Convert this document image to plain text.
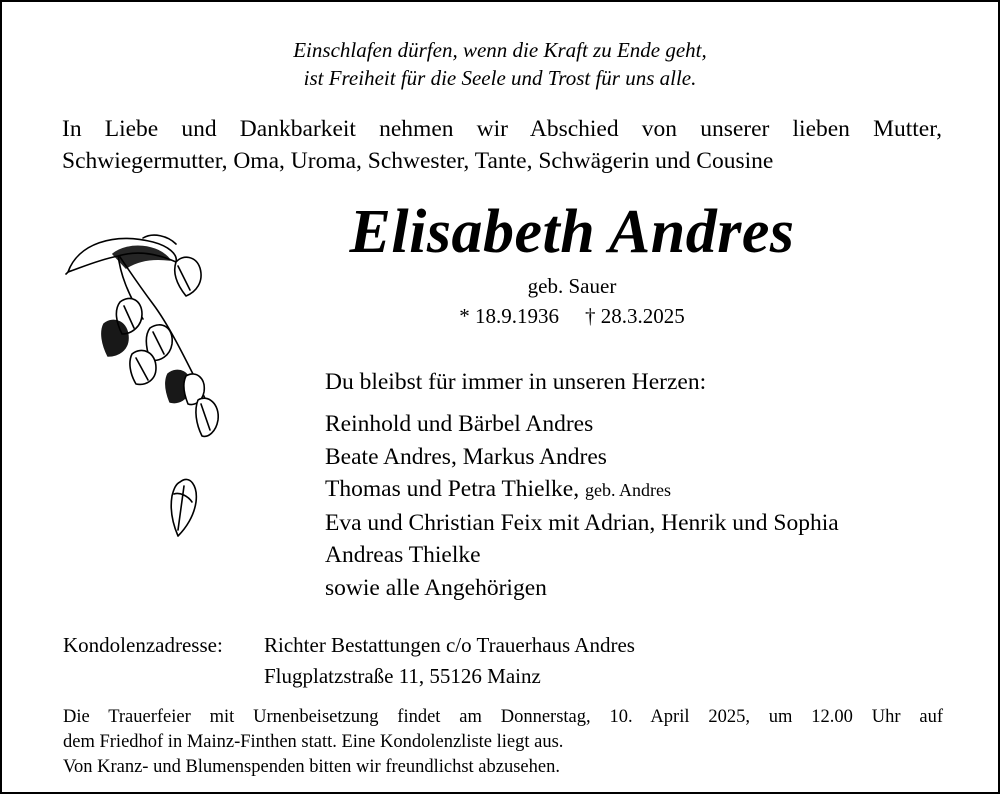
Einschlafen dürfen, wenn die Kraft zu Ende geht,
ist Freiheit für die Seele und Trost für uns alle.
In Liebe und Dankbarkeit nehmen wir Abschied von unserer lieben Mutter,
Schwiegermutter, Oma, Uroma, Schwester, Tante, Schwägerin und Cousine
Elisabeth Andres
geb. Sauer
* 18.9.1936 † 28.3.2025
Du bleibst für immer in unseren Herzen:
Reinhold und Bärbel Andres
Beate Andres, Markus Andres
Thomas und Petra Thielke, geb. Andres
Eva und Christian Feix mit Adrian, Henrik und Sophia
Andreas Thielke
sowie alle Angehörigen
Kondolenzadresse: Richter Bestattungen c/o Trauerhaus Andres
Flugplatzstraße 11, 55126 Mainz
Die Trauerfeier mit Urnenbeisetzung findet am Donnerstag, 10. April 2025, um 12.00 Uhr auf
dem Friedhof in Mainz-Finthen statt. Eine Kondolenzliste liegt aus.
Von Kranz- und Blumenspenden bitten wir freundlichst abzusehen.
